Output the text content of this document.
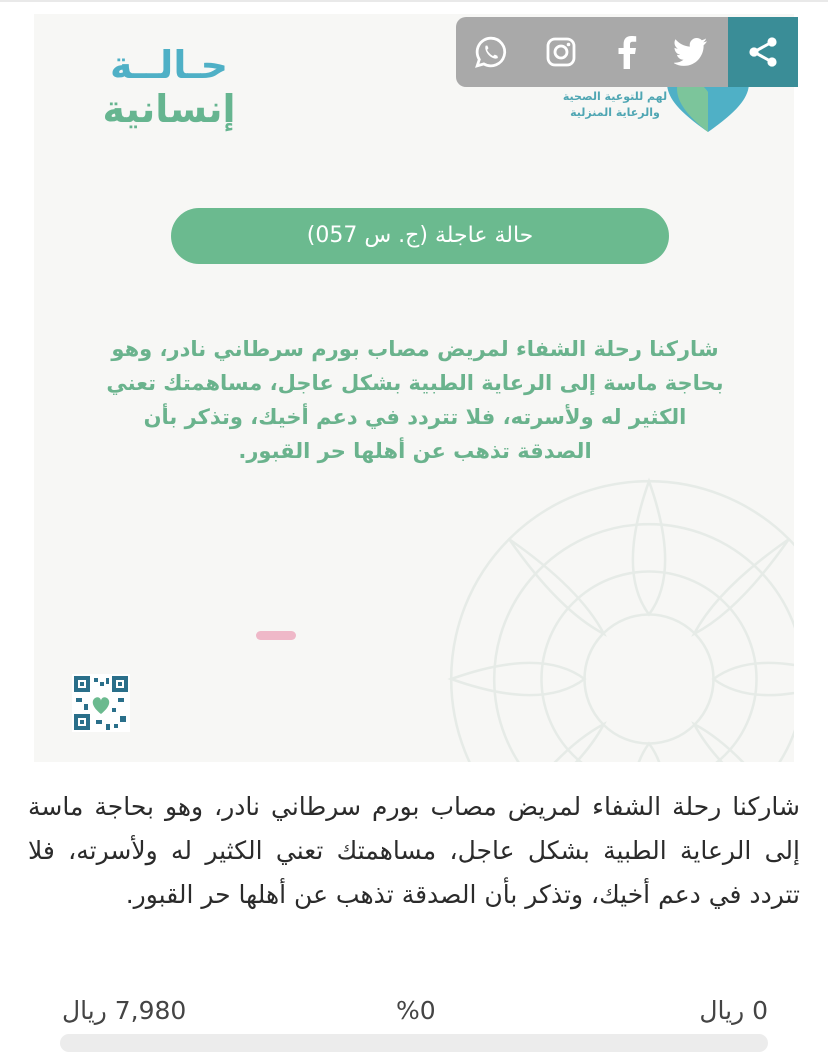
حـالــة
إنسانية	
لهم للتوعية الصحية
والرعاية المنزلية
حالة عاجلة (ج. س 057)
شاركنا رحلة الشفاء لمريض مصاب بورم سرطاني نادر، وهو بحاجة ماسة إلى الرعاية الطبية بشكل عاجل، مساهمتك تعني الكثير له ولأسرته، فلا تتردد في دعم أخيك، وتذكر بأن الصدقة تذهب عن أهلها حر القبور.
شاركنا رحلة الشفاء لمريض مصاب بورم سرطاني نادر، وهو بحاجة ماسة إلى الرعاية الطبية بشكل عاجل، مساهمتك تعني الكثير له ولأسرته، فلا تتردد في دعم أخيك، وتذكر بأن الصدقة تذهب عن أهلها حر القبور.
7,980 ريال	%0	0 ريال
